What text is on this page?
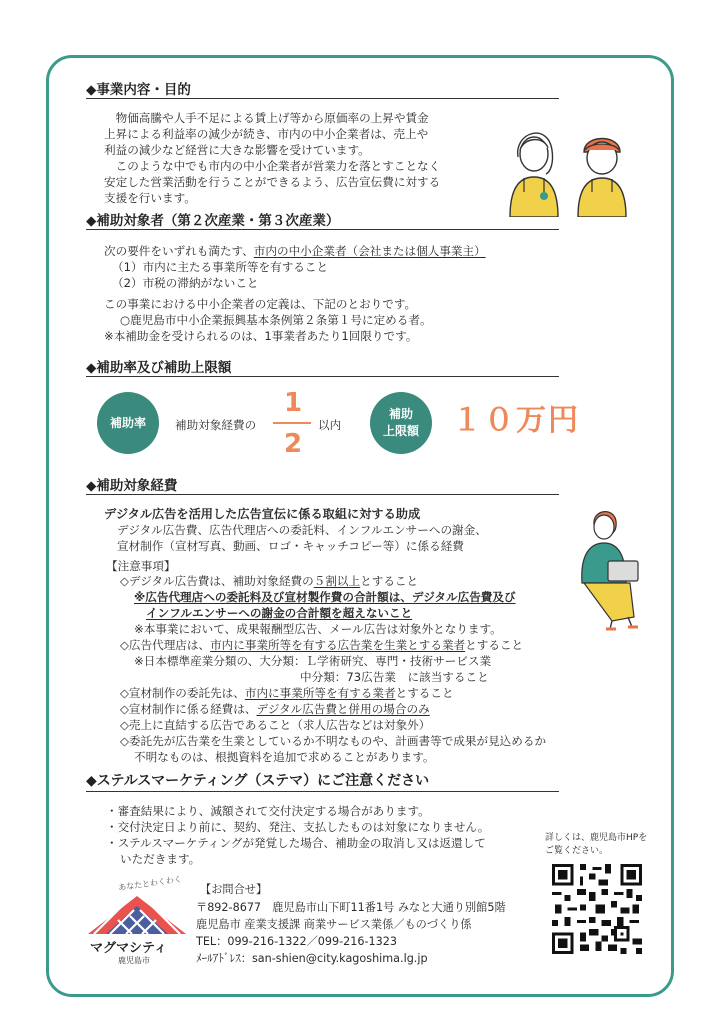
◆事業内容・目的
　物価高騰や人手不足による賃上げ等から原価率の上昇や賃金
上昇による利益率の減少が続き、市内の中小企業者は、売上や
利益の減少など経営に大きな影響を受けています。
　このような中でも市内の中小企業者が営業力を落とすことなく
安定した営業活動を行うことができるよう、広告宣伝費に対する
支援を行います。
◆補助対象者（第２次産業・第３次産業）
次の要件をいずれも満たす、市内の中小企業者（会社または個人事業主）
（1）市内に主たる事業所等を有すること
（2）市税の滞納がないこと
この事業における中小企業者の定義は、下記のとおりです。
○鹿児島市中小企業振興基本条例第２条第１号に定める者。
※本補助金を受けられるのは、1事業者あたり1回限りです。
◆補助率及び補助上限額
補助率	補助対象経費の
1
2
以内
補助
上限額 １０万円
◆補助対象経費
デジタル広告を活用した広告宣伝に係る取組に対する助成
デジタル広告費、広告代理店への委託料、インフルエンサーへの謝金、
宣材制作（宣材写真、動画、ロゴ・キャッチコピー等）に係る経費
【注意事項】
◇デジタル広告費は、補助対象経費の５割以上とすること
※広告代理店への委託料及び宣材製作費の合計額は、デジタル広告費及び
インフルエンサーへの謝金の合計額を超えないこと
※本事業において、成果報酬型広告、メール広告は対象外となります。
◇広告代理店は、市内に事業所等を有する広告業を生業とする業者とすること
※日本標準産業分類の、大分類：Ｌ学術研究、専門・技術サービス業
中分類：73広告業　に該当すること
◇宣材制作の委託先は、市内に事業所等を有する業者とすること
◇宣材制作に係る経費は、デジタル広告費と併用の場合のみ
◇売上に直結する広告であること（求人広告などは対象外）
◇委託先が広告業を生業としているか不明なものや、計画書等で成果が見込めるか
不明なものは、根拠資料を追加で求めることがあります。
◆ステルスマーケティング（ステマ）にご注意ください
・審査結果により、減額されて交付決定する場合があります。
・交付決定日より前に、契約、発注、支払したものは対象になりません。
・ステルスマーケティングが発覚した場合、補助金の取消し又は返還して
いただきます。
詳しくは、鹿児島市HPを
ご覧ください。
あなたとわくわく
マグマシティ
鹿児島市
【お問合せ】
〒892-8677　鹿児島市山下町11番1号 みなと大通り別館5階
鹿児島市 産業支援課 商業サービス業係／ものづくり係
TEL：099-216-1322／099-216-1323
ﾒｰﾙｱﾄﾞﾚｽ：san-shien@city.kagoshima.lg.jp
